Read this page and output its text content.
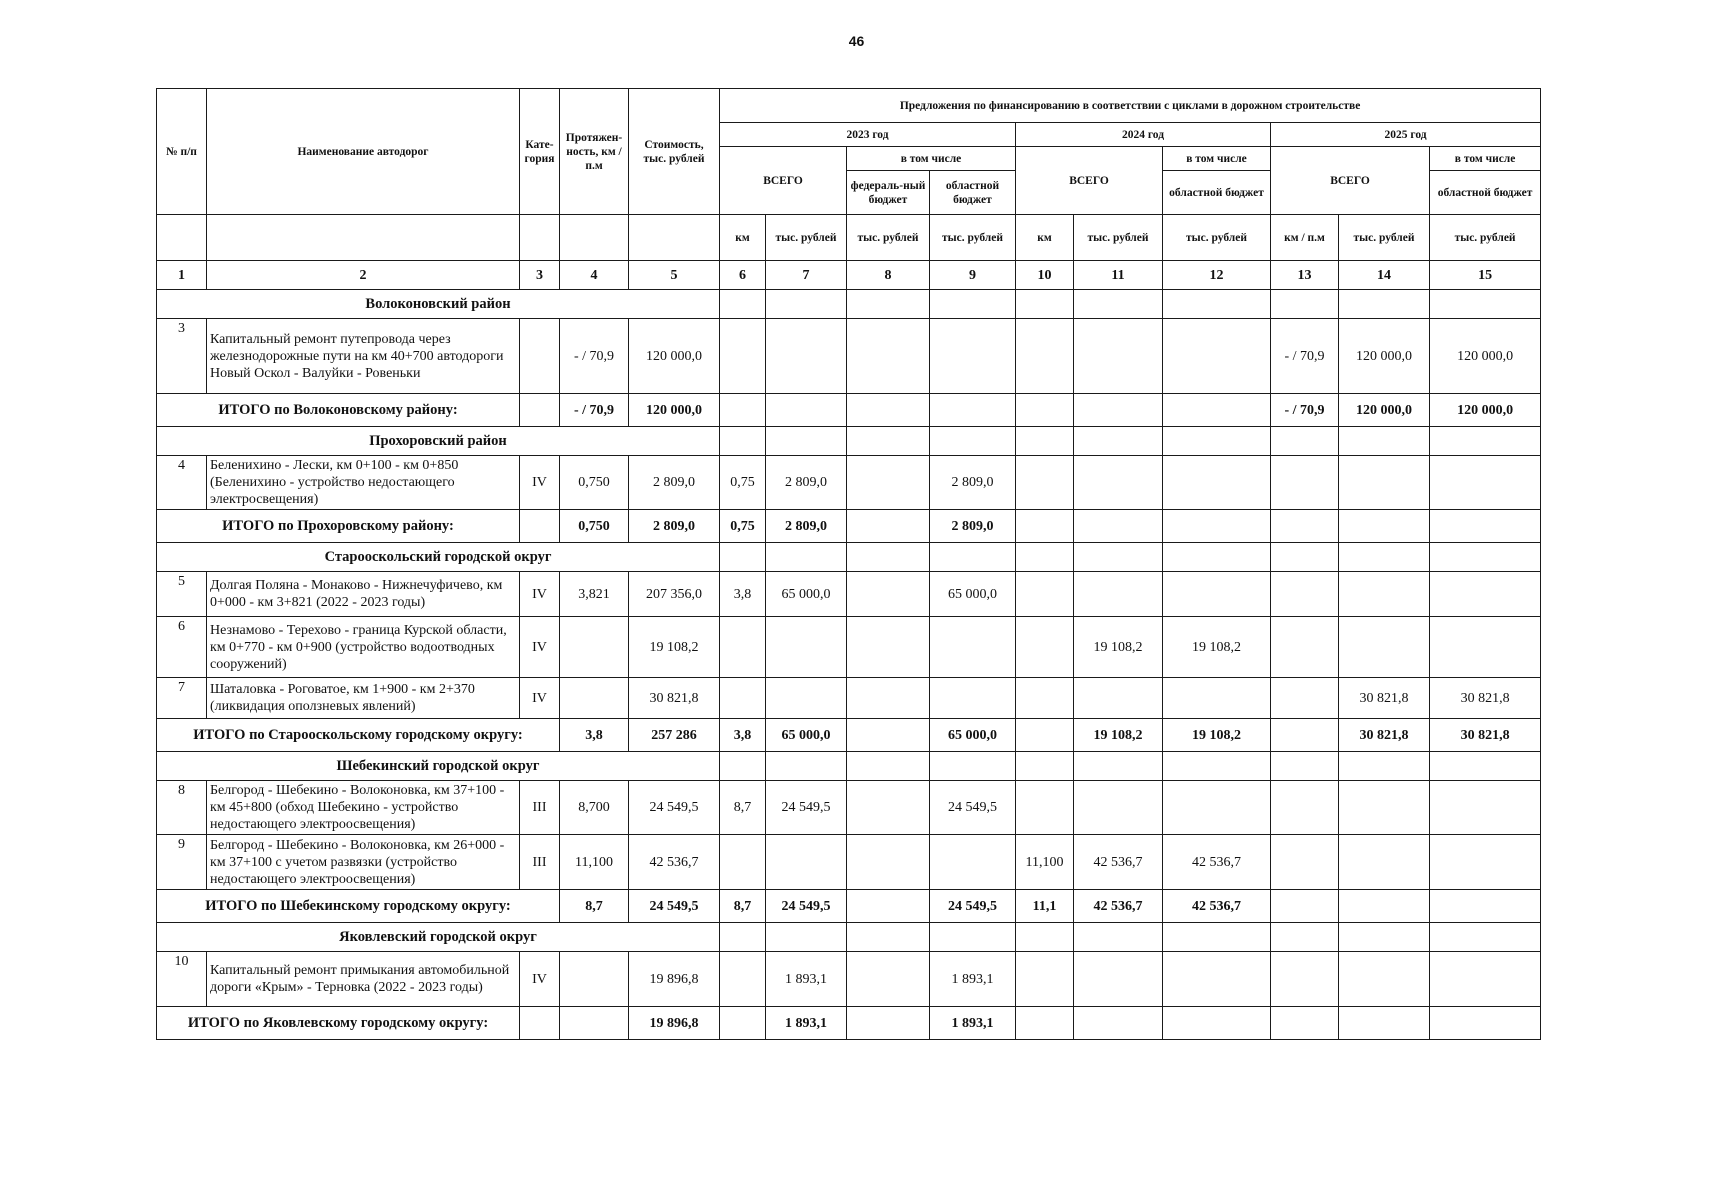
46
№ п/п	Наименование автодорог	Кате-гория	Протяжен-ность, км / п.м	Стоимость, тыс. рублей	Предложения по финансированию в соответствии с циклами в дорожном строительстве									
					2023 год				2024 год			2025 год		
					ВСЕГО		в том числе		ВСЕГО		в том числе	ВСЕГО		в том числе
							федераль-ный бюджет	областной бюджет			областной бюджет			областной бюджет
					км	тыс. рублей	тыс. рублей	тыс. рублей	км	тыс. рублей	тыс. рублей	км / п.м	тыс. рублей	тыс. рублей
1	2	3	4	5	6	7	8	9	10	11	12	13	14	15
Волоконовский район														
3	Капитальный ремонт путепровода через железнодорожные пути на км 40+700 автодороги Новый Оскол - Валуйки - Ровеньки		- / 70,9	120 000,0								- / 70,9	120 000,0	120 000,0
ИТОГО по Волоконовскому району:			- / 70,9	120 000,0								- / 70,9	120 000,0	120 000,0
Прохоровский район														
4	Беленихино - Лески, км 0+100 - км 0+850 (Беленихино - устройство недостающего электросвещения)	IV	0,750	2 809,0	0,75	2 809,0		2 809,0						
ИТОГО по Прохоровскому району:			0,750	2 809,0	0,75	2 809,0		2 809,0						
Старооскольский городской округ														
5	Долгая Поляна - Монаково - Нижнечуфичево, км 0+000 - км 3+821 (2022 - 2023 годы)	IV	3,821	207 356,0	3,8	65 000,0		65 000,0						
6	Незнамово - Терехово - граница Курской области, км 0+770 - км 0+900 (устройство водоотводных сооружений)	IV		19 108,2						19 108,2	19 108,2			
7	Шаталовка - Роговатое, км 1+900 - км 2+370 (ликвидация оползневых явлений)	IV		30 821,8									30 821,8	30 821,8
ИТОГО по Старооскольскому городскому округу:			3,8	257 286	3,8	65 000,0		65 000,0		19 108,2	19 108,2		30 821,8	30 821,8
Шебекинский городской округ														
8	Белгород - Шебекино - Волоконовка, км 37+100 - км 45+800 (обход Шебекино - устройство недостающего электроосвещения)	III	8,700	24 549,5	8,7	24 549,5		24 549,5						
9	Белгород - Шебекино - Волоконовка, км 26+000 - км 37+100 с учетом развязки (устройство недостающего электроосвещения)	III	11,100	42 536,7					11,100	42 536,7	42 536,7			
ИТОГО по Шебекинскому городскому округу:			8,7	24 549,5	8,7	24 549,5		24 549,5	11,1	42 536,7	42 536,7			
Яковлевский городской округ														
10	Капитальный ремонт примыкания автомобильной дороги «Крым» - Терновка (2022 - 2023 годы)	IV		19 896,8		1 893,1		1 893,1						
ИТОГО по Яковлевскому городскому округу:				19 896,8		1 893,1		1 893,1						
